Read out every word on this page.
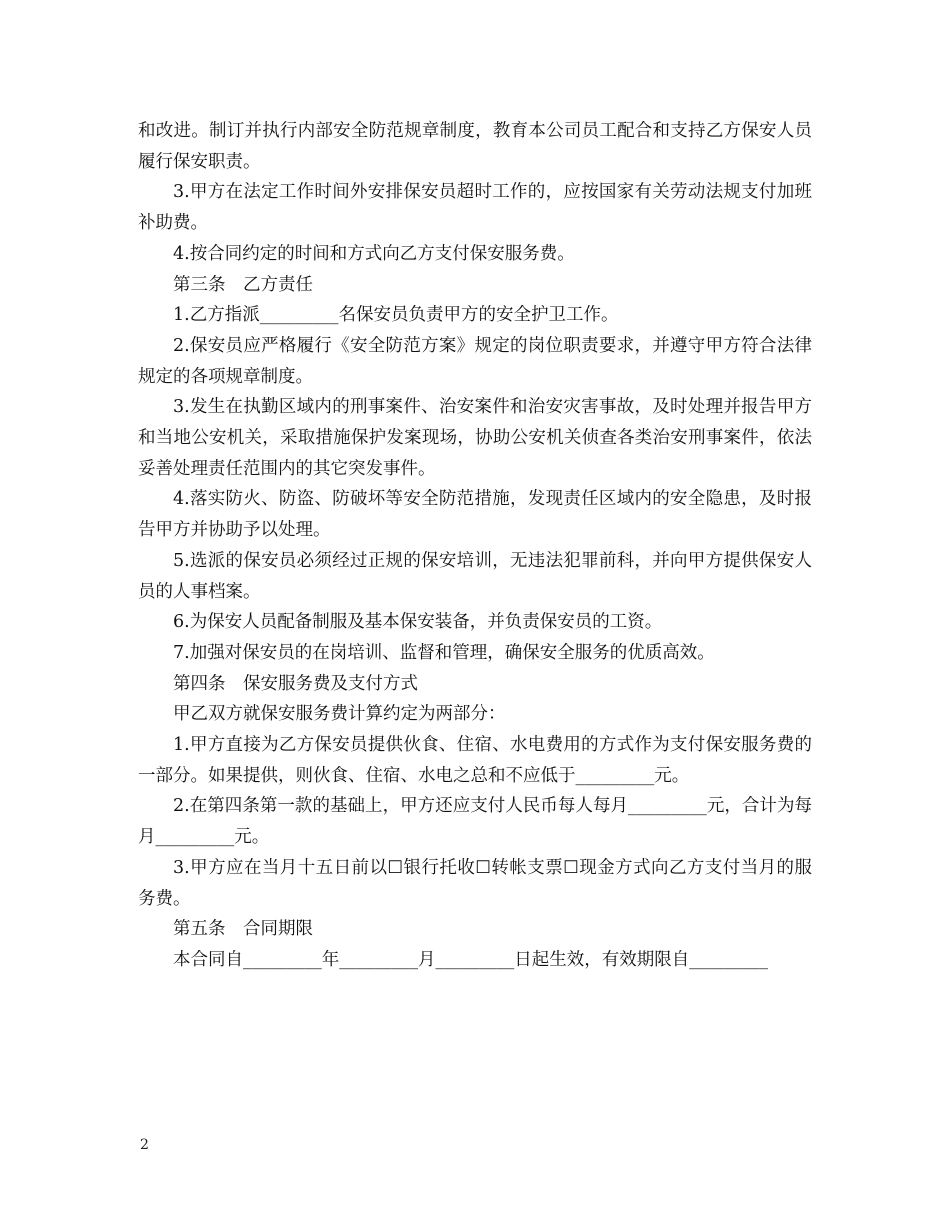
和改进。制订并执行内部安全防范规章制度，教育本公司员工配合和支持乙方保安人员履行保安职责。

3.甲方在法定工作时间外安排保安员超时工作的，应按国家有关劳动法规支付加班补助费。

4.按合同约定的时间和方式向乙方支付保安服务费。

第三条　乙方责任

1.乙方指派_________名保安员负责甲方的安全护卫工作。

2.保安员应严格履行《安全防范方案》规定的岗位职责要求，并遵守甲方符合法律规定的各项规章制度。

3.发生在执勤区域内的刑事案件、治安案件和治安灾害事故，及时处理并报告甲方和当地公安机关，采取措施保护发案现场，协助公安机关侦查各类治安刑事案件，依法妥善处理责任范围内的其它突发事件。

4.落实防火、防盗、防破坏等安全防范措施，发现责任区域内的安全隐患，及时报告甲方并协助予以处理。

5.选派的保安员必须经过正规的保安培训，无违法犯罪前科，并向甲方提供保安人员的人事档案。

6.为保安人员配备制服及基本保安装备，并负责保安员的工资。

7.加强对保安员的在岗培训、监督和管理，确保安全服务的优质高效。

第四条　保安服务费及支付方式

甲乙双方就保安服务费计算约定为两部分：

1.甲方直接为乙方保安员提供伙食、住宿、水电费用的方式作为支付保安服务费的一部分。如果提供，则伙食、住宿、水电之总和不应低于_________元。

2.在第四条第一款的基础上，甲方还应支付人民币每人每月_________元，合计为每月_________元。

3.甲方应在当月十五日前以☐银行托收☐转帐支票☐现金方式向乙方支付当月的服务费。

第五条　合同期限

本合同自_________年_________月_________日起生效，有效期限自_________

2
